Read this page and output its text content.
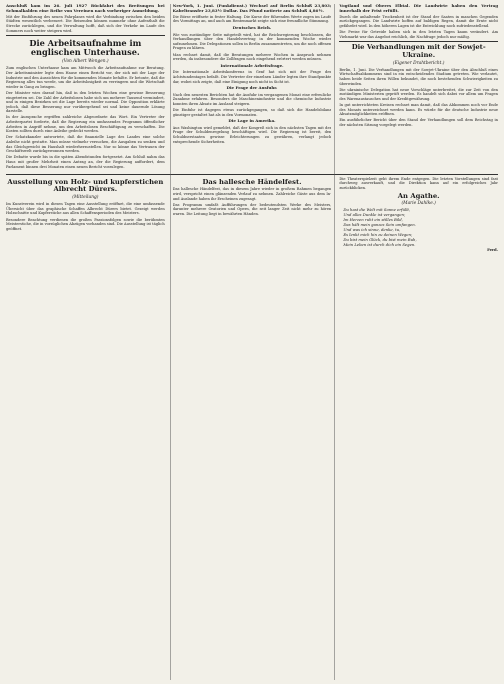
Anschluß kam im 26. Juli 1927 Rückfahrt des Breitungen bei Schmalkalden eine Reihe von Vereinen nach vorheriger Anmeldung.

Mit der Einführung des neuen Fahrplanes wird die Verbindung zwischen den beiden Städten wesentlich verbessert. Die Reisenden können nunmehr ohne Aufenthalt die Strecke zurücklegen, und die Verwaltung hofft, daß sich der Verkehr im Laufe des Sommers noch weiter steigern wird.

Die Arbeitsaufnahme im englischen Unterhause.
(Von Albert Wengen.)

Zum englischen Unterhause kam am Mittwoch die Arbeitsaufnahme zur Beratung. Der Arbeitsminister legte dem Hause einen Bericht vor, der sich mit der Lage der Industrie und den Aussichten für die kommenden Monate befaßte. Er betonte, daß die Regierung alles tun werde, um die Arbeitslosigkeit zu verringern und die Wirtschaft wieder in Gang zu bringen.

Der Minister wies darauf hin, daß in den letzten Wochen eine gewisse Besserung eingetreten sei. Die Zahl der Arbeitslosen habe sich um mehrere Tausend vermindert, und in einigen Bezirken sei die Lage bereits wieder normal. Die Opposition erklärte jedoch, daß diese Besserung nur vorübergehend sei und keine dauernde Lösung darstelle.

In der Aussprache ergriffen zahlreiche Abgeordnete das Wort. Ein Vertreter der Arbeiterpartei forderte, daß die Regierung ein umfassendes Programm öffentlicher Arbeiten in Angriff nehme, um den Arbeitslosen Beschäftigung zu verschaffen. Die Kosten sollten durch eine Anleihe gedeckt werden.

Der Schatzkanzler antwortete, daß die finanzielle Lage des Landes eine solche Anleihe nicht gestatte. Man müsse vielmehr versuchen, die Ausgaben zu senken und das Gleichgewicht im Haushalt wiederherzustellen. Nur so könne das Vertrauen der Geschäftswelt zurückgewonnen werden.

Die Debatte wurde bis in die späten Abendstunden fortgesetzt. Am Schluß nahm das Haus mit großer Mehrheit einen Antrag an, der die Regierung auffordert, dem Parlament binnen drei Monaten einen neuen Bericht vorzulegen.

Neu-York, 1. Juni. (Funkdienst.) Wechsel auf Berlin Schluß 23,803; Kabeltransfer 23,83½ Dollar. Das Pfund notierte am Schluß 4,86½.

Die Börse eröffnete in fester Haltung. Die Kurse der führenden Werte zogen im Laufe des Vormittags an, und auch am Rentenmarkt zeigte sich eine freundliche Stimmung.

Deutsches Reich.

Wie von zuständiger Seite mitgeteilt wird, hat die Reichsregierung beschlossen, die Verhandlungen über den Handelsvertrag in der kommenden Woche wieder aufzunehmen. Die Delegationen sollen in Berlin zusammentreten, um die noch offenen Fragen zu klären.

Man rechnet damit, daß die Beratungen mehrere Wochen in Anspruch nehmen werden, da insbesondere die Zollfragen noch eingehend erörtert werden müssen.

Internationale Arbeitsfrage.

Die Internationale Arbeitskonferenz in Genf hat sich mit der Frage des Achtstundentages befaßt. Die Vertreter der einzelnen Länder legten ihre Standpunkte dar, wobei sich zeigte, daß eine Einigung noch nicht in Sicht ist.

Die Frage der Ausfuhr.

Nach den neuesten Berichten hat die Ausfuhr im vergangenen Monat eine erfreuliche Zunahme erfahren. Besonders die Maschinenindustrie und die chemische Industrie konnten ihren Absatz im Ausland steigern.

Die Einfuhr ist dagegen etwas zurückgegangen, so daß sich die Handelsbilanz günstiger gestaltet hat als in den Vormonaten.

Die Lage in Amerika.

Aus Washington wird gemeldet, daß der Kongreß sich in den nächsten Tagen mit der Frage der Schuldenregelung beschäftigen wird. Die Regierung ist bereit, den Schuldnerstaaten gewisse Erleichterungen zu gewähren, verlangt jedoch entsprechende Sicherheiten.

Vogtland und Oberes Elbtal. Die Landwirte haben den Vertrag innerhalb der Frist erfüllt.

Durch die anhaltende Trockenheit ist der Stand der Saaten in manchen Gegenden zurückgegangen. Die Landwirte hoffen auf baldigen Regen, damit die Ernte nicht gefährdet wird. In den höheren Lagen ist die Entwicklung noch zufriedenstellend.

Die Preise für Getreide haben sich in den letzten Tagen kaum verändert. Am Viehmarkt war das Angebot reichlich, die Nachfrage jedoch nur mäßig.

Die Verhandlungen mit der Sowjet-Ukraine.
(Eigener Drahtbericht.)

Berlin, 1. Juni. Die Verhandlungen mit der Sowjet-Ukraine über den Abschluß eines Wirtschaftsabkommens sind in ein entscheidendes Stadium getreten. Wie verlautet, haben beide Seiten ihren Willen bekundet, die noch bestehenden Schwierigkeiten zu überwinden.

Die ukrainische Delegation hat neue Vorschläge unterbreitet, die zur Zeit von den zuständigen Ministerien geprüft werden. Es handelt sich dabei vor allem um Fragen des Warenaustausches und der Kreditgewährung.

In gut unterrichteten Kreisen rechnet man damit, daß das Abkommen noch vor Ende des Monats unterzeichnet werden kann. Es würde für die deutsche Industrie neue Absatzmöglichkeiten eröffnen.

Ein ausführlicher Bericht über den Stand der Verhandlungen soll dem Reichstag in der nächsten Sitzung vorgelegt werden.

Ausstellung von Holz- und kupferstichen Albrecht Dürers.
(Mitteilung)

Im Kunstverein wird in diesen Tagen eine Ausstellung eröffnet, die eine umfassende Übersicht über das graphische Schaffen Albrecht Dürers bietet. Gezeigt werden Holzschnitte und Kupferstiche aus allen Schaffensperioden des Meisters.

Besondere Beachtung verdienen die großen Passionsfolgen sowie die berühmten Meisterstiche, die in vorzüglichen Abzügen vorhanden sind. Die Ausstellung ist täglich geöffnet.

Das hallesche Händelfest.

Das hallesche Händelfest, das in diesem Jahre wieder in großem Rahmen begangen wird, verspricht einen glänzenden Verlauf zu nehmen. Zahlreiche Gäste aus dem In- und Auslande haben ihr Erscheinen zugesagt.

Das Programm umfaßt Aufführungen der bedeutendsten Werke des Meisters, darunter mehrere Oratorien und Opern, die seit langer Zeit nicht mehr zu hören waren. Die Leitung liegt in bewährten Händen.

Die Theaterspielzeit geht ihrem Ende entgegen. Die letzten Vorstellungen sind fast durchweg ausverkauft, und die Direktion kann auf ein erfolgreiches Jahr zurückblicken.

An Agathe.
(Marie Dahlke.)
Du hast die Welt mit Sonne erfüllt,
Und alles Dunkle ist vergangen;
Im Herzen ruht ein stilles Bild,
Das hält mein ganzes Sein umfangen.
Und was ich sinne, denke, tu,
Es lenkt mich hin zu deinen Wegen;
Du bist mein Glück, du bist mein Ruh,
Mein Leben ist durch dich ein Segen.
Ferd.
